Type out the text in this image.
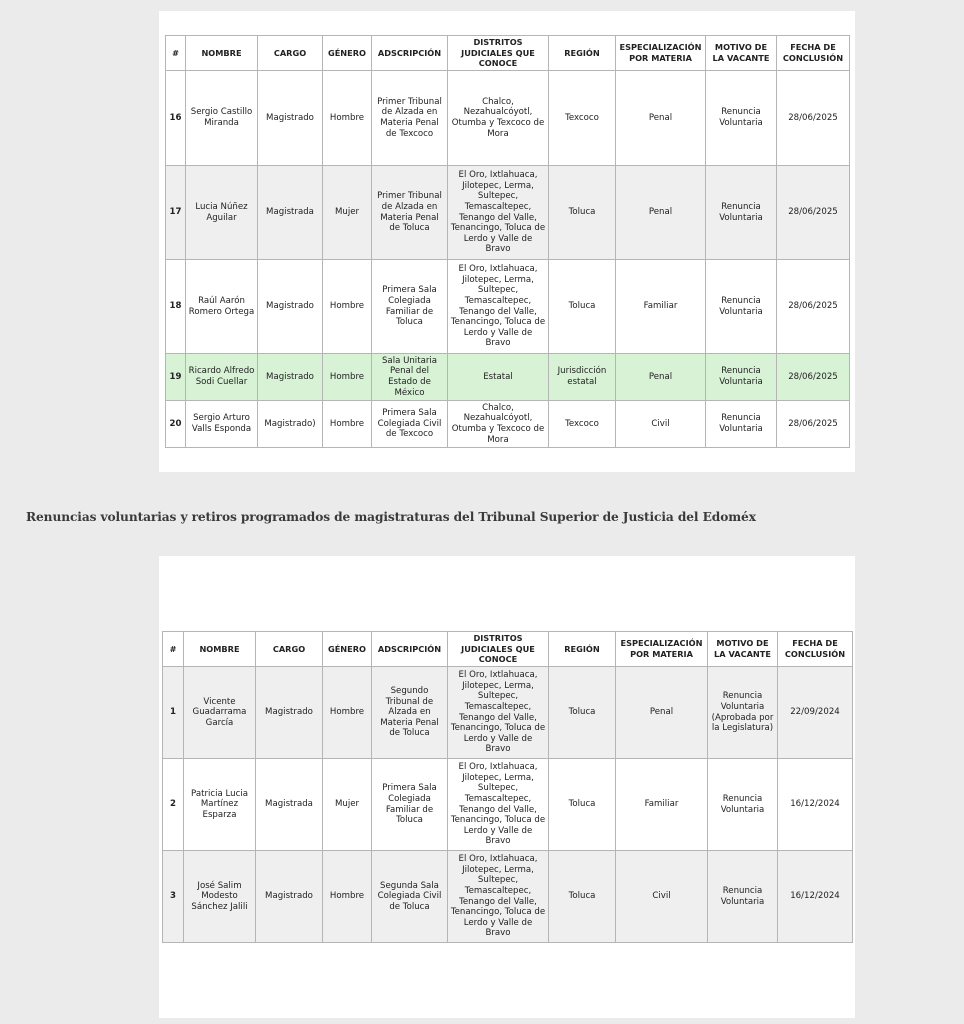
#	NOMBRE	CARGO	GÉNERO	ADSCRIPCIÓN	DISTRITOS JUDICIALES QUE CONOCE	REGIÓN	ESPECIALIZACIÓN POR MATERIA	MOTIVO DE LA VACANTE	FECHA DE CONCLUSIÓN
16	Sergio Castillo Miranda	Magistrado	Hombre	Primer Tribunal de Alzada en Materia Penal de Texcoco	Chalco, Nezahualcóyotl, Otumba y Texcoco de Mora	Texcoco	Penal	Renuncia Voluntaria	28/06/2025
17	Lucia Núñez Aguilar	Magistrada	Mujer	Primer Tribunal de Alzada en Materia Penal de Toluca	El Oro, Ixtlahuaca, Jilotepec, Lerma, Sultepec, Temascaltepec, Tenango del Valle, Tenancingo, Toluca de Lerdo y Valle de Bravo	Toluca	Penal	Renuncia Voluntaria	28/06/2025
18	Raúl Aarón Romero Ortega	Magistrado	Hombre	Primera Sala Colegiada Familiar de Toluca	El Oro, Ixtlahuaca, Jilotepec, Lerma, Sultepec, Temascaltepec, Tenango del Valle, Tenancingo, Toluca de Lerdo y Valle de Bravo	Toluca	Familiar	Renuncia Voluntaria	28/06/2025
19	Ricardo Alfredo Sodi Cuellar	Magistrado	Hombre	Sala Unitaria Penal del Estado de México	Estatal	Jurisdicción estatal	Penal	Renuncia Voluntaria	28/06/2025
20	Sergio Arturo Valls Esponda	Magistrado)	Hombre	Primera Sala Colegiada Civil de Texcoco	Chalco, Nezahualcóyotl, Otumba y Texcoco de Mora	Texcoco	Civil	Renuncia Voluntaria	28/06/2025
Renuncias voluntarias y retiros programados de magistraturas del Tribunal Superior de Justicia del Edoméx
#	NOMBRE	CARGO	GÉNERO	ADSCRIPCIÓN	DISTRITOS JUDICIALES QUE CONOCE	REGIÓN	ESPECIALIZACIÓN POR MATERIA	MOTIVO DE LA VACANTE	FECHA DE CONCLUSIÓN
1	Vicente Guadarrama García	Magistrado	Hombre	Segundo Tribunal de Alzada en Materia Penal de Toluca	El Oro, Ixtlahuaca, Jilotepec, Lerma, Sultepec, Temascaltepec, Tenango del Valle, Tenancingo, Toluca de Lerdo y Valle de Bravo	Toluca	Penal	Renuncia Voluntaria (Aprobada por la Legislatura)	22/09/2024
2	Patricia Lucia Martínez Esparza	Magistrada	Mujer	Primera Sala Colegiada Familiar de Toluca	El Oro, Ixtlahuaca, Jilotepec, Lerma, Sultepec, Temascaltepec, Tenango del Valle, Tenancingo, Toluca de Lerdo y Valle de Bravo	Toluca	Familiar	Renuncia Voluntaria	16/12/2024
3	José Salim Modesto Sánchez Jalili	Magistrado	Hombre	Segunda Sala Colegiada Civil de Toluca	El Oro, Ixtlahuaca, Jilotepec, Lerma, Sultepec, Temascaltepec, Tenango del Valle, Tenancingo, Toluca de Lerdo y Valle de Bravo	Toluca	Civil	Renuncia Voluntaria	16/12/2024
